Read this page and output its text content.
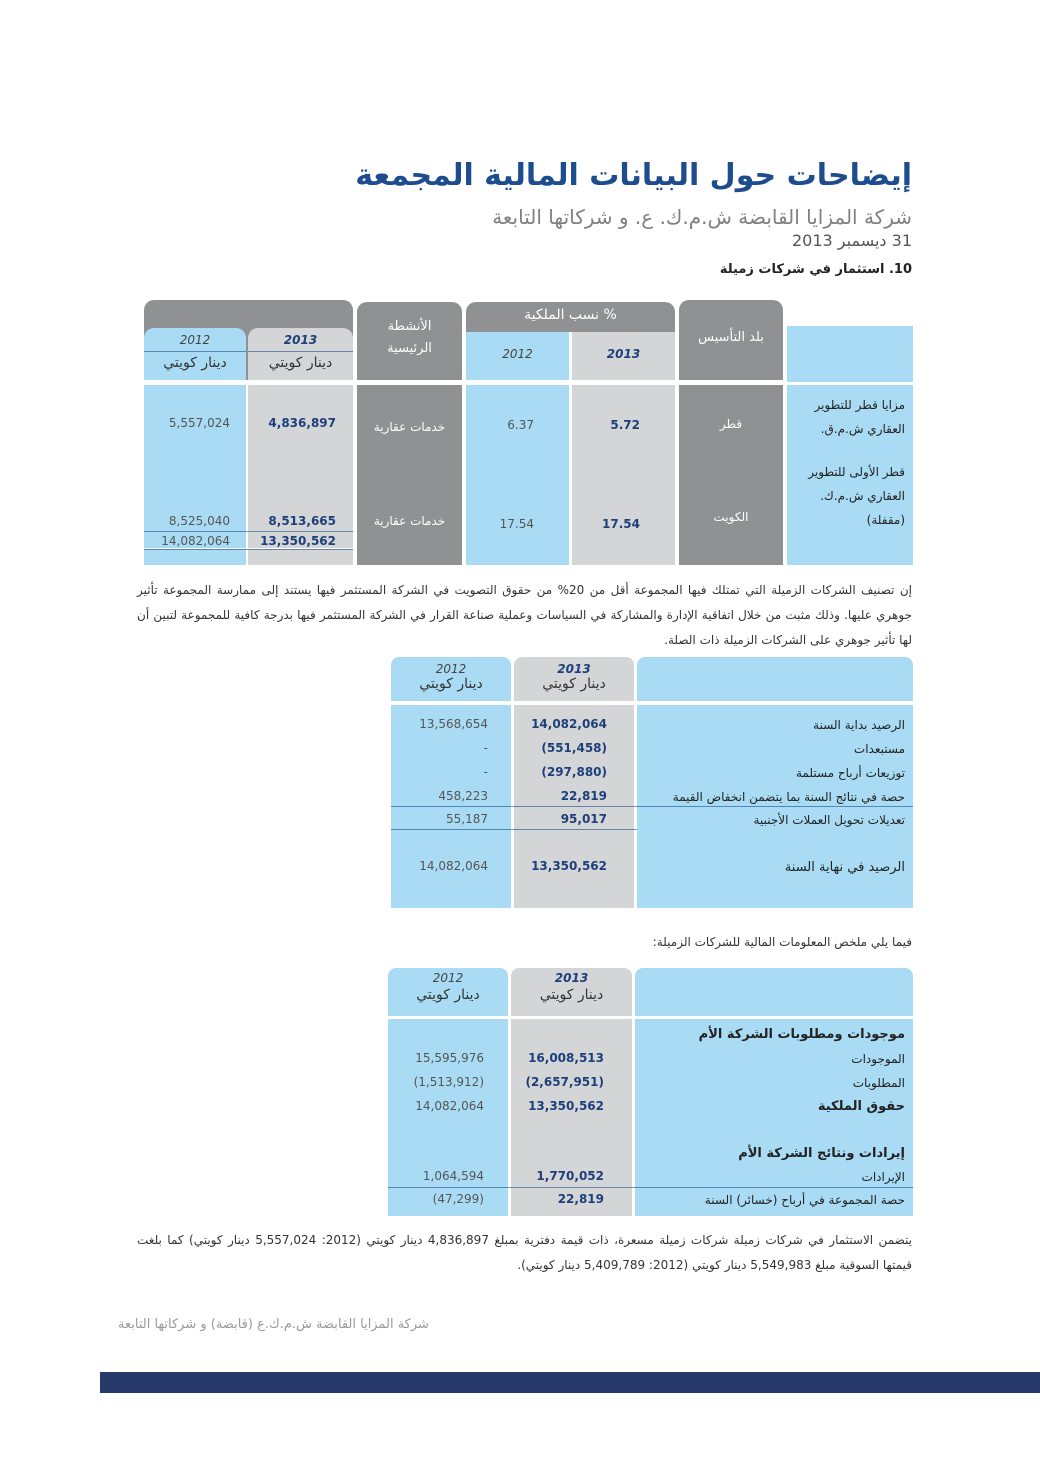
إيضاحات حول البيانات المالية المجمعة
شركة المزايا القابضة ش.م.ك. ع. و شركاتها التابعة
31 ديسمبر 2013
10. استثمار في شركات زميلة
مزايا قطر للتطوير العقاري ش.م.ق.
قطر الأولى للتطوير العقاري ش.م.ك. (مقفلة)
بلد التأسيس
قطر
الكويت
نسب الملكية %
2013
5.72
17.54
2012
6.37
17.54
الأنشطة الرئيسية
خدمات عقارية
خدمات عقارية
2013
دينار كويتي
2012
دينار كويتي
4,836,897
5,557,024
8,513,665
8,525,040
13,350,562
14,082,064
إن تصنيف الشركات الزميلة التي تمتلك فيها المجموعة أقل من 20% من حقوق التصويت في الشركة المستثمر فيها يستند إلى ممارسة المجموعة تأثير جوهري عليها. وذلك مثبت من خلال اتفاقية الإدارة والمشاركة في السياسات وعملية صناعة القرار في الشركة المستثمر فيها بدرجة كافية للمجموعة لتبين أن لها تأثير جوهري على الشركات الزميلة ذات الصلة.
2013
دينار كويتي
2012
دينار كويتي
الرصيد بداية السنة
14,082,064
13,568,654
مستبعدات
(551,458)
-
توزيعات أرباح مستلمة
(297,880)
-
حصة في نتائج السنة بما يتضمن انخفاض القيمة
22,819
458,223
تعديلات تحويل العملات الأجنبية
95,017
55,187
الرصيد في نهاية السنة
13,350,562
14,082,064
فيما يلي ملخص المعلومات المالية للشركات الزميلة:
2013
دينار كويتي
2012
دينار كويتي
موجودات ومطلوبات الشركة الأم
الموجودات
16,008,513
15,595,976
المطلوبات
(2,657,951)
(1,513,912)
حقوق الملكية
13,350,562
14,082,064
إيرادات ونتائج الشركة الأم
الإيرادات
1,770,052
1,064,594
حصة المجموعة في أرباح (خسائر) السنة
22,819
(47,299)
يتضمن الاستثمار في شركات زميلة شركات زميلة مسعرة، ذات قيمة دفترية بمبلغ 4,836,897 دينار كويتي (2012: 5,557,024 دينار كويتي) كما بلغت قيمتها السوقية مبلغ 5,549,983 دينار كويتي (2012: 5,409,789 دينار كويتي).
شركة المزايا القابضة ش.م.ك.ع (قابضة) و شركاتها التابعة
